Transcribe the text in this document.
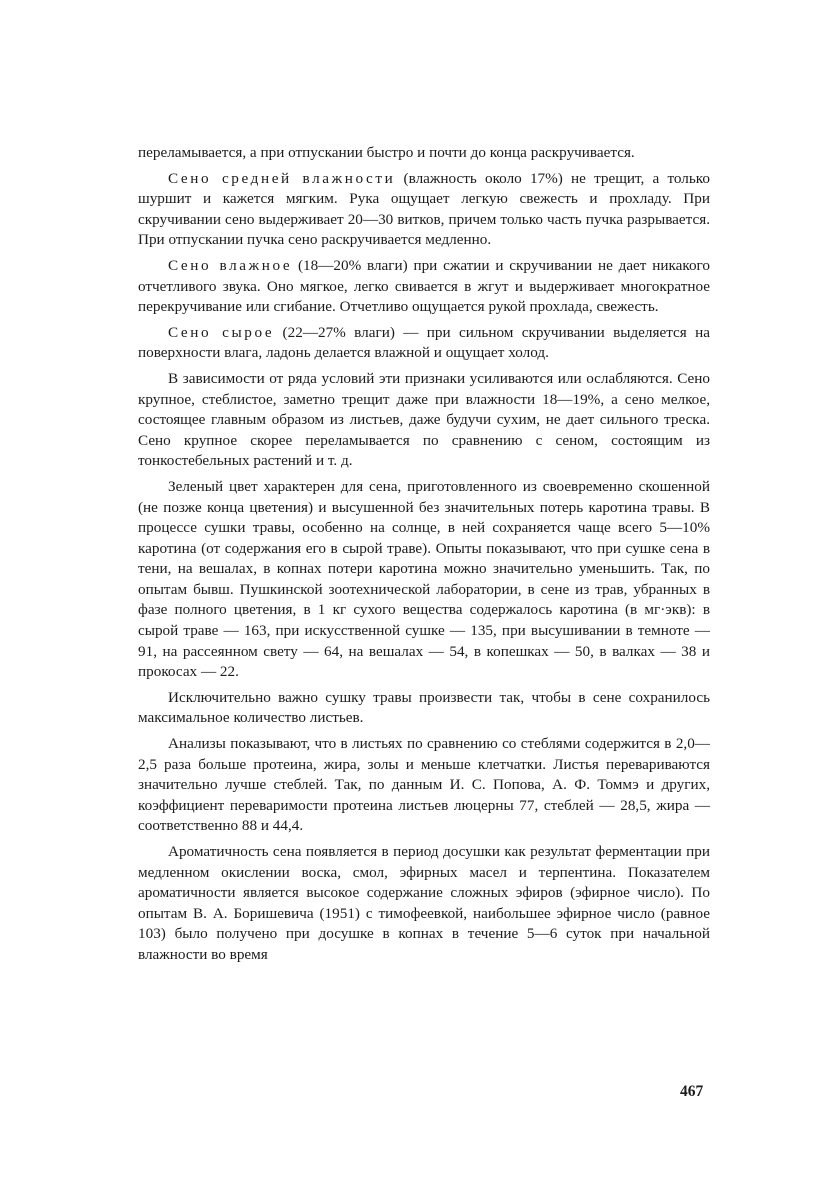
переламывается, а при отпускании быстро и почти до конца раскручивается.

Сено средней влажности (влажность около 17%) не трещит, а только шуршит и кажется мягким. Рука ощущает легкую свежесть и прохладу. При скручивании сено выдерживает 20—30 витков, причем только часть пучка разрывается. При отпускании пучка сено раскручивается медленно.

Сено влажное (18—20% влаги) при сжатии и скручивании не дает никакого отчетливого звука. Оно мягкое, легко свивается в жгут и выдерживает многократное перекручивание или сгибание. Отчетливо ощущается рукой прохлада, свежесть.

Сено сырое (22—27% влаги) — при сильном скручивании выделяется на поверхности влага, ладонь делается влажной и ощущает холод.

В зависимости от ряда условий эти признаки усиливаются или ослабляются. Сено крупное, стеблистое, заметно трещит даже при влажности 18—19%, а сено мелкое, состоящее главным образом из листьев, даже будучи сухим, не дает сильного треска. Сено крупное скорее переламывается по сравнению с сеном, состоящим из тонкостебельных растений и т. д.

Зеленый цвет характерен для сена, приготовленного из своевременно скошенной (не позже конца цветения) и высушенной без значительных потерь каротина травы. В процессе сушки травы, особенно на солнце, в ней сохраняется чаще всего 5—10% каротина (от содержания его в сырой траве). Опыты показывают, что при сушке сена в тени, на вешалах, в копнах потери каротина можно значительно уменьшить. Так, по опытам бывш. Пушкинской зоотехнической лаборатории, в сене из трав, убранных в фазе полного цветения, в 1 кг сухого вещества содержалось каротина (в мг·экв): в сырой траве — 163, при искусственной сушке — 135, при высушивании в темноте — 91, на рассеянном свету — 64, на вешалах — 54, в копешках — 50, в валках — 38 и прокосах — 22.

Исключительно важно сушку травы произвести так, чтобы в сене сохранилось максимальное количество листьев.

Анализы показывают, что в листьях по сравнению со стеблями содержится в 2,0—2,5 раза больше протеина, жира, золы и меньше клетчатки. Листья перевариваются значительно лучше стеблей. Так, по данным И. С. Попова, А. Ф. Томмэ и других, коэффициент переваримости протеина листьев люцерны 77, стеблей — 28,5, жира — соответственно 88 и 44,4.

Ароматичность сена появляется в период досушки как результат ферментации при медленном окислении воска, смол, эфирных масел и терпентина. Показателем ароматичности является высокое содержание сложных эфиров (эфирное число). По опытам В. А. Боришевича (1951) с тимофеевкой, наибольшее эфирное число (равное 103) было получено при досушке в копнах в течение 5—6 суток при начальной влажности во время

467
